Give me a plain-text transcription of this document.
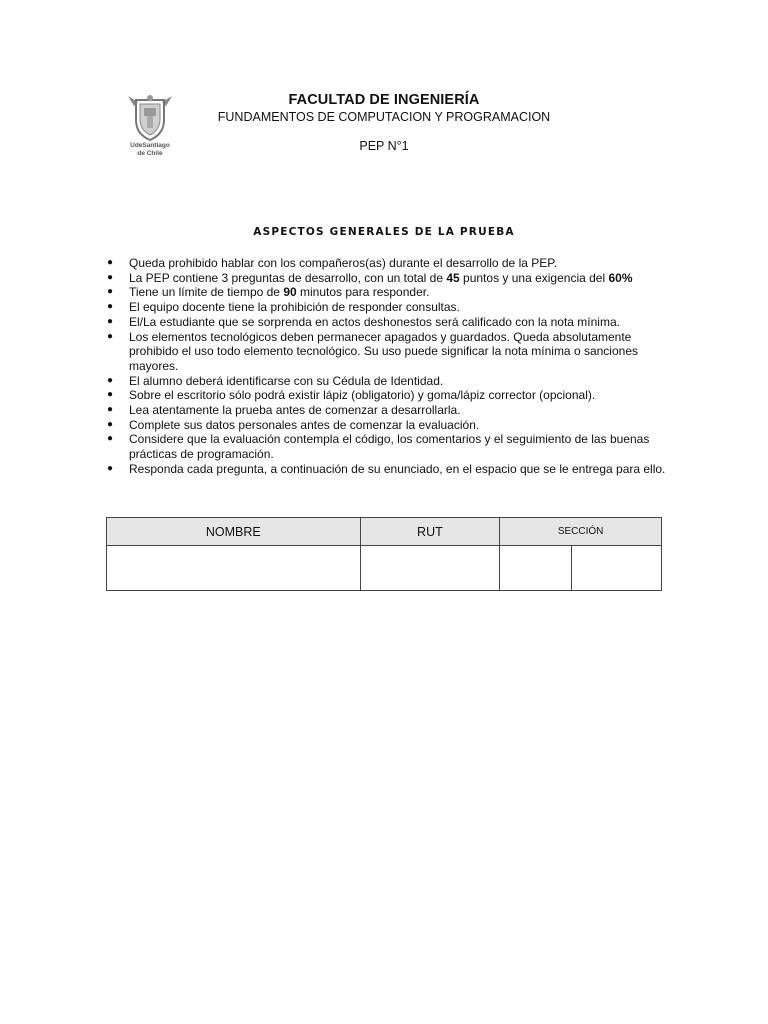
UdeSantiago
de Chile
FACULTAD DE INGENIERÍA
FUNDAMENTOS DE COMPUTACION Y PROGRAMACION
PEP N°1
ASPECTOS GENERALES DE LA PRUEBA
● Queda prohibido hablar con los compañeros(as) durante el desarrollo de la PEP.
● La PEP contiene 3 preguntas de desarrollo, con un total de 45 puntos y una exigencia del 60%
● Tiene un límite de tiempo de 90 minutos para responder.
● El equipo docente tiene la prohibición de responder consultas.
● El/La estudiante que se sorprenda en actos deshonestos será calificado con la nota mínima.
● Los elementos tecnológicos deben permanecer apagados y guardados. Queda absolutamente prohibido el uso todo elemento tecnológico. Su uso puede significar la nota mínima o sanciones mayores.
● El alumno deberá identificarse con su Cédula de Identidad.
● Sobre el escritorio sólo podrá existir lápiz (obligatorio) y goma/lápiz corrector (opcional).
● Lea atentamente la prueba antes de comenzar a desarrollarla.
● Complete sus datos personales antes de comenzar la evaluación.
● Considere que la evaluación contempla el código, los comentarios y el seguimiento de las buenas prácticas de programación.
● Responda cada pregunta, a continuación de su enunciado, en el espacio que se le entrega para ello.
NOMBRE	RUT	SECCIÓN	
